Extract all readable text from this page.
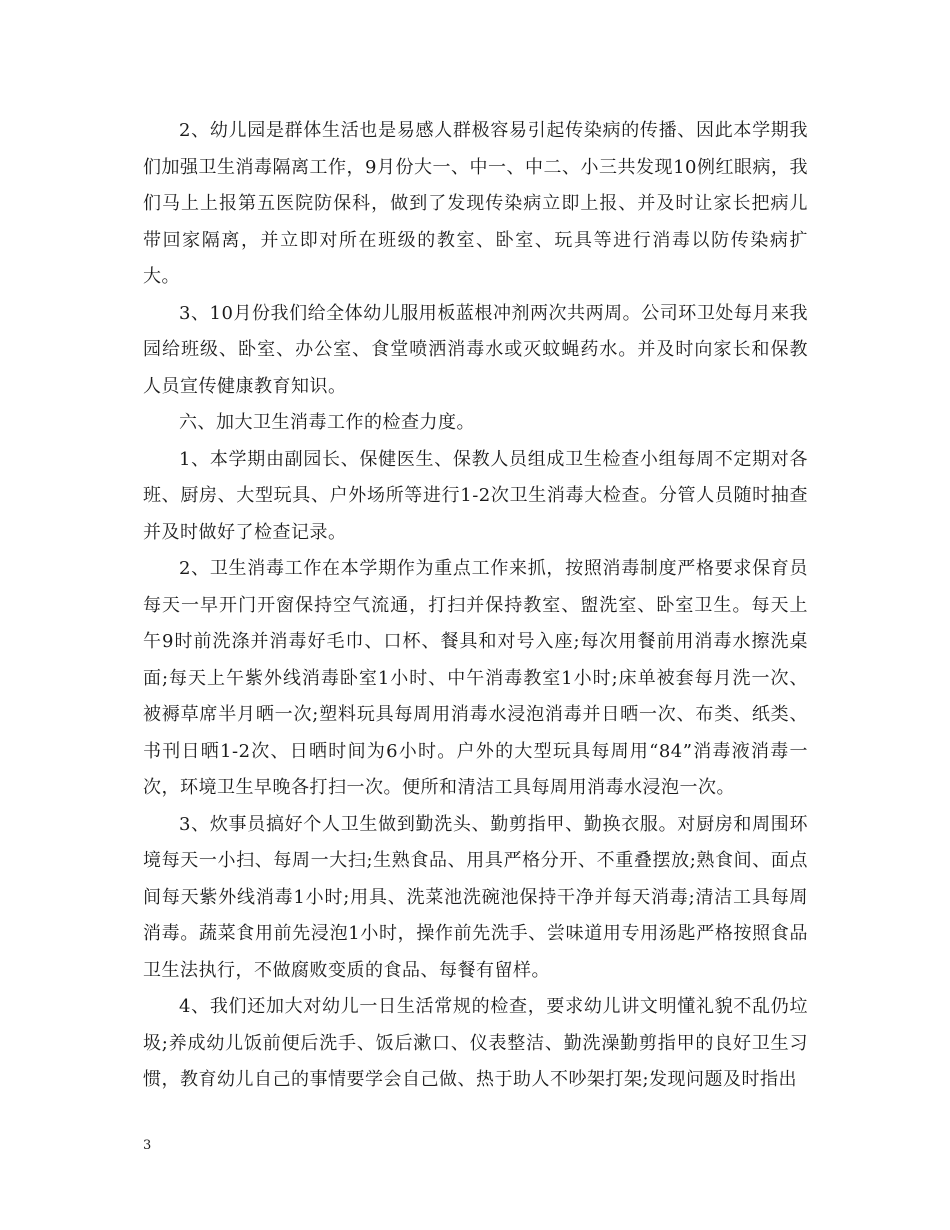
2、幼儿园是群体生活也是易感人群极容易引起传染病的传播、因此本学期我们加强卫生消毒隔离工作，9月份大一、中一、中二、小三共发现10例红眼病，我们马上上报第五医院防保科，做到了发现传染病立即上报、并及时让家长把病儿带回家隔离，并立即对所在班级的教室、卧室、玩具等进行消毒以防传染病扩大。

3、10月份我们给全体幼儿服用板蓝根冲剂两次共两周。公司环卫处每月来我园给班级、卧室、办公室、食堂喷洒消毒水或灭蚊蝇药水。并及时向家长和保教人员宣传健康教育知识。

六、加大卫生消毒工作的检查力度。

1、本学期由副园长、保健医生、保教人员组成卫生检查小组每周不定期对各班、厨房、大型玩具、户外场所等进行1-2次卫生消毒大检查。分管人员随时抽查并及时做好了检查记录。

2、卫生消毒工作在本学期作为重点工作来抓，按照消毒制度严格要求保育员每天一早开门开窗保持空气流通，打扫并保持教室、盥洗室、卧室卫生。每天上午9时前洗涤并消毒好毛巾、口杯、餐具和对号入座;每次用餐前用消毒水擦洗桌面;每天上午紫外线消毒卧室1小时、中午消毒教室1小时;床单被套每月洗一次、被褥草席半月晒一次;塑料玩具每周用消毒水浸泡消毒并日晒一次、布类、纸类、书刊日晒1-2次、日晒时间为6小时。户外的大型玩具每周用“84”消毒液消毒一次，环境卫生早晚各打扫一次。便所和清洁工具每周用消毒水浸泡一次。

3、炊事员搞好个人卫生做到勤洗头、勤剪指甲、勤换衣服。对厨房和周围环境每天一小扫、每周一大扫;生熟食品、用具严格分开、不重叠摆放;熟食间、面点间每天紫外线消毒1小时;用具、洗菜池洗碗池保持干净并每天消毒;清洁工具每周消毒。蔬菜食用前先浸泡1小时，操作前先洗手、尝味道用专用汤匙严格按照食品卫生法执行，不做腐败变质的食品、每餐有留样。

4、我们还加大对幼儿一日生活常规的检查，要求幼儿讲文明懂礼貌不乱仍垃圾;养成幼儿饭前便后洗手、饭后漱口、仪表整洁、勤洗澡勤剪指甲的良好卫生习惯，教育幼儿自己的事情要学会自己做、热于助人不吵架打架;发现问题及时指出

3
